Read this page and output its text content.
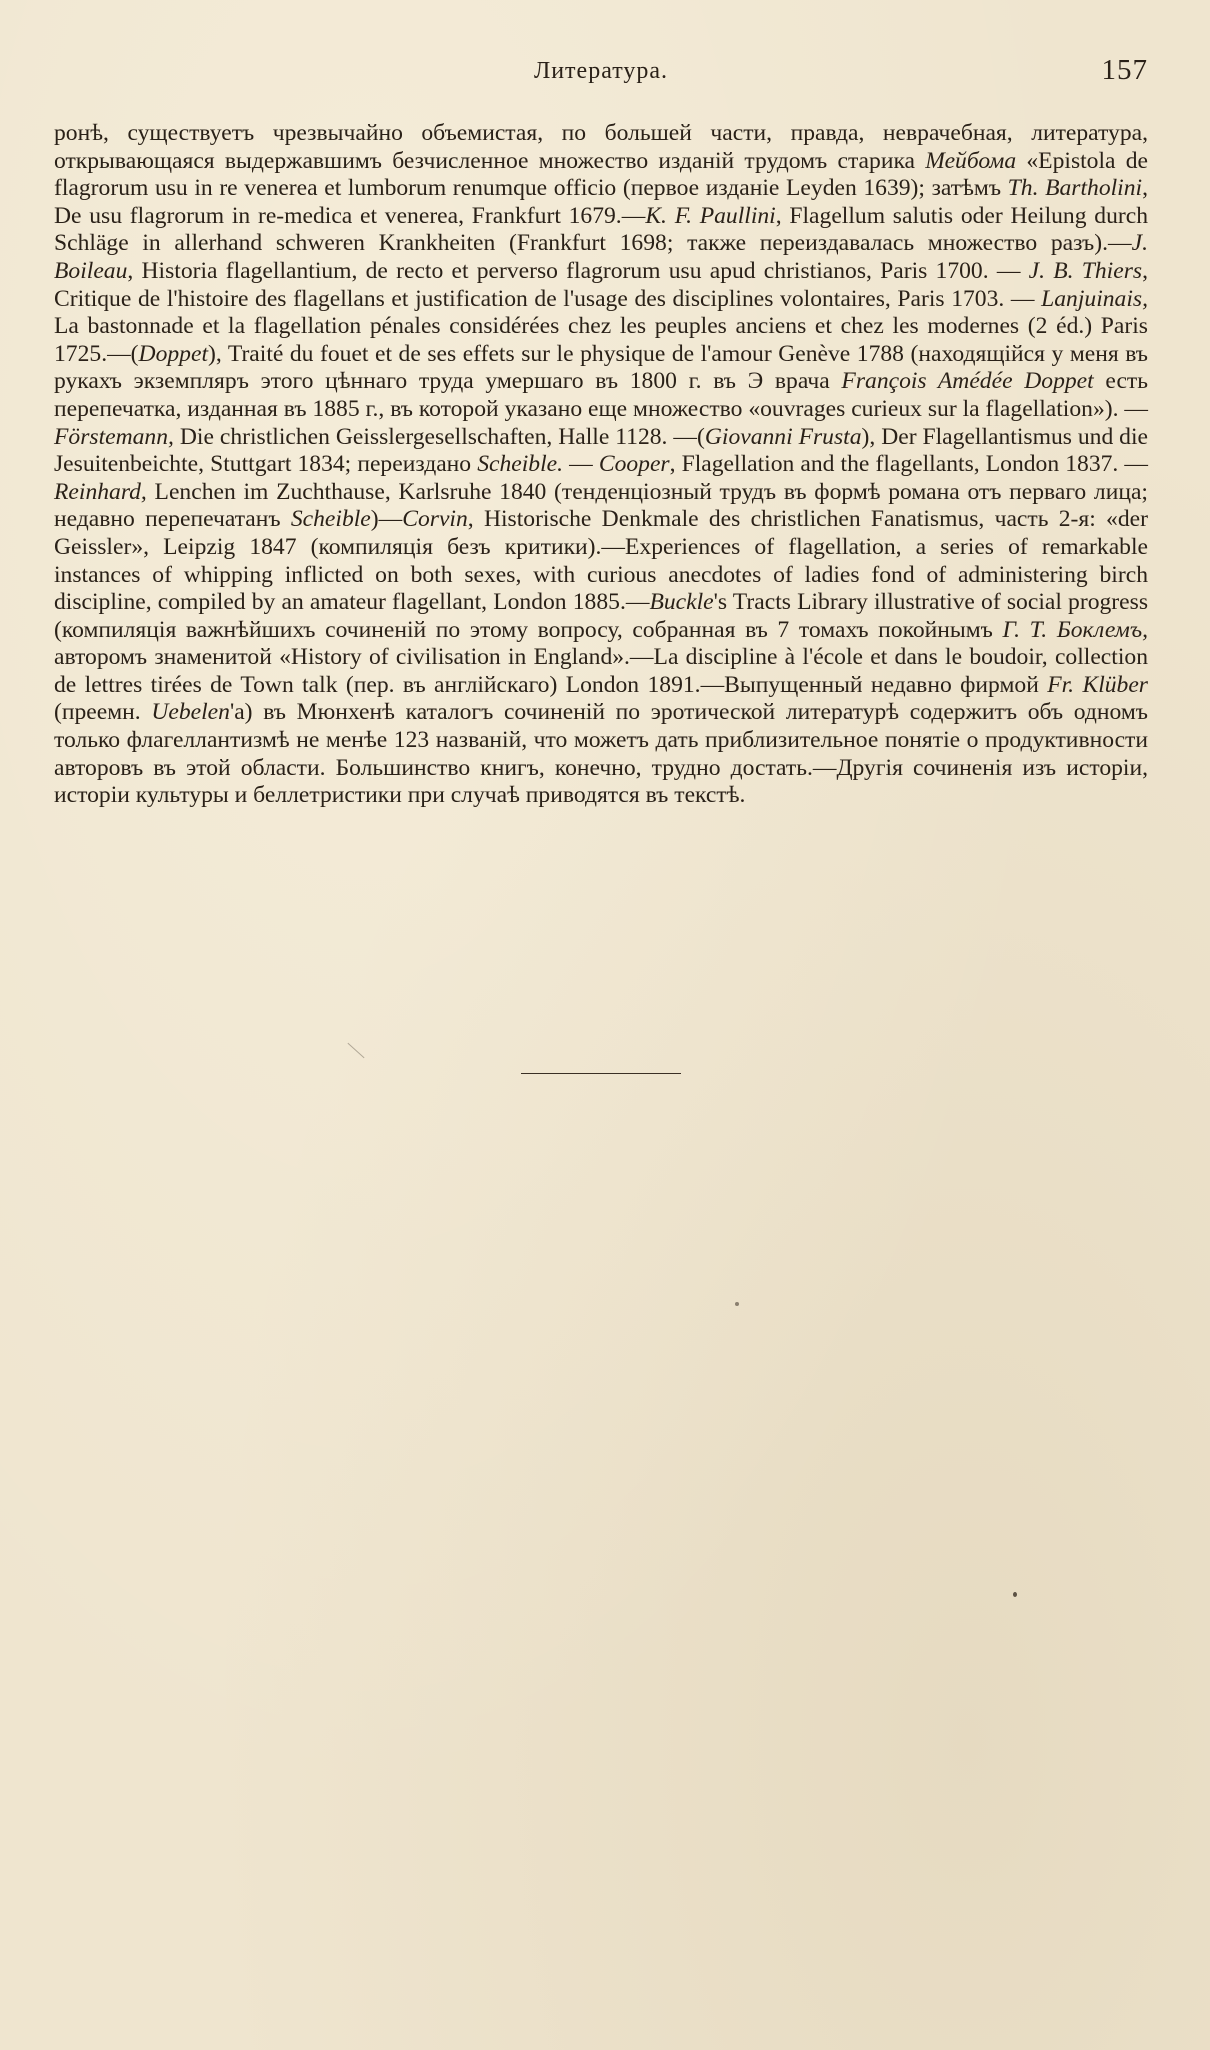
Литература.	157

ронѣ, существуетъ чрезвычайно объемистая, по большей части, правда, неврачебная, литература, открывающаяся выдержавшимъ безчисленное множество изданій трудомъ старика Мейбома «Epistola de flagrorum usu in re venerea et lumborum renumque officio (первое изданіе Leyden 1639); затѣмъ Th. Bartholini, De usu flagrorum in re-medica et venerea, Frankfurt 1679.—K. F. Paullini, Flagellum salutis oder Heilung durch Schläge in allerhand schweren Krankheiten (Frankfurt 1698; также переиздавалась множество разъ).—J. Boileau, Historia flagellantium, de recto et perverso flagrorum usu apud christianos, Paris 1700. — J. B. Thiers, Critique de l'histoire des flagellans et justification de l'usage des disciplines volontaires, Paris 1703. — Lanjuinais, La bastonnade et la flagellation pénales considérées chez les peuples anciens et chez les modernes (2 éd.) Paris 1725.—(Doppet), Traité du fouet et de ses effets sur le physique de l'amour Genève 1788 (находящійся у меня въ рукахъ экземпляръ этого цѣннаго труда умершаго въ 1800 г. въ Э врача François Amédée Doppet есть перепечатка, изданная въ 1885 г., въ которой указано еще множество «ouvrages curieux sur la flagellation»). — Förstemann, Die christlichen Geisslergesellschaften, Halle 1128. —(Giovanni Frusta), Der Flagellantismus und die Jesuitenbeichte, Stuttgart 1834; переиздано Scheible. — Cooper, Flagellation and the flagellants, London 1837. —Reinhard, Lenchen im Zuchthause, Karlsruhe 1840 (тенденціозный трудъ въ формѣ романа отъ перваго лица; недавно перепечатанъ Scheible)—Corvin, Historische Denkmale des christlichen Fanatismus, часть 2-я: «der Geissler», Leipzig 1847 (компиляція безъ критики).—Experiences of flagellation, a series of remarkable instances of whipping inflicted on both sexes, with curious anecdotes of ladies fond of administering birch discipline, compiled by an amateur flagellant, London 1885.—Buckle's Tracts Library illustrative of social progress (компиляція важнѣйшихъ сочиненій по этому вопросу, собранная въ 7 томахъ покойнымъ Г. Т. Боклемъ, авторомъ знаменитой «History of civilisation in England».—La discipline à l'école et dans le boudoir, collection de lettres tirées de Town talk (пер. въ англійскаго) London 1891.—Выпущенный недавно фирмой Fr. Klüber (преемн. Uebelen'а) въ Мюнхенѣ каталогъ сочиненій по эротической литературѣ содержитъ объ одномъ только флагеллантизмѣ не менѣе 123 названій, что можетъ дать приблизительное понятіе о продуктивности авторовъ въ этой области. Большинство книгъ, конечно, трудно достать.—Другія сочиненія изъ исторіи, исторіи культуры и беллетристики при случаѣ приводятся въ текстѣ.
